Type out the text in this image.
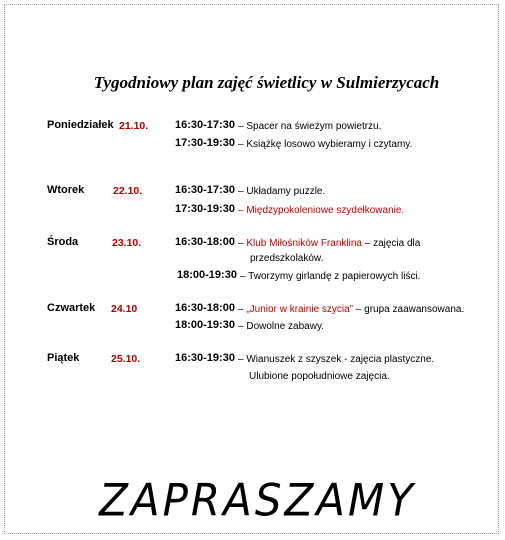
Tygodniowy plan zajęć świetlicy w Sulmierzycach
Poniedziałek 21.10. 16:30-17:30 – Spacer na świeżym powietrzu.
17:30-19:30 – Książkę losowo wybieramy i czytamy.
Wtorek	22.10.	16:30-17:30 – Układamy puzzle.
17:30-19:30 – Międzypokoleniowe szydełkowanie.
Środa	23.10.	16:30-18:00 – Klub Miłośników Franklina – zajęcia dla
przedszkolaków.
18:00-19:30 – Tworzymy girlandę z papierowych liści.
Czwartek 24.10	16:30-18:00 – „Junior w krainie szycia” – grupa zaawansowana.
18:00-19:30 – Dowolne zabawy.
Piątek	25.10.	16:30-19:30 – Wianuszek z szyszek - zajęcia plastyczne.
Ulubione popołudniowe zajęcia.
ZAPRASZAMY
